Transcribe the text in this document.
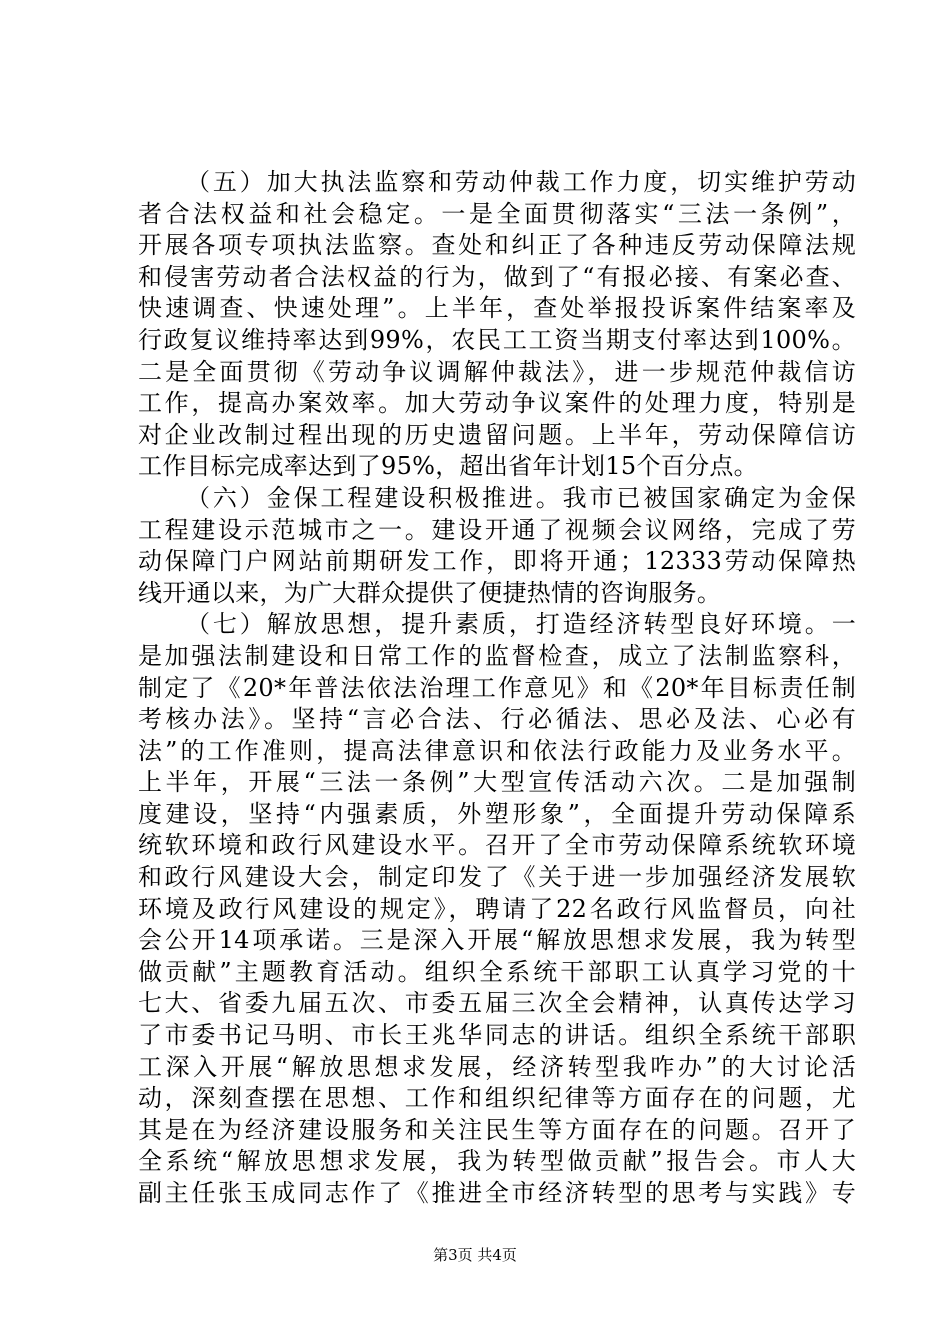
（五）加大执法监察和劳动仲裁工作力度，切实维护劳动
者合法权益和社会稳定。一是全面贯彻落实“三法一条例”，
开展各项专项执法监察。查处和纠正了各种违反劳动保障法规
和侵害劳动者合法权益的行为，做到了“有报必接、有案必查、
快速调查、快速处理”。上半年，查处举报投诉案件结案率及
行政复议维持率达到99%，农民工工资当期支付率达到100%。
二是全面贯彻《劳动争议调解仲裁法》，进一步规范仲裁信访
工作，提高办案效率。加大劳动争议案件的处理力度，特别是
对企业改制过程出现的历史遗留问题。上半年，劳动保障信访
工作目标完成率达到了95%，超出省年计划15个百分点。
（六）金保工程建设积极推进。我市已被国家确定为金保
工程建设示范城市之一。建设开通了视频会议网络，完成了劳
动保障门户网站前期研发工作，即将开通；12333劳动保障热
线开通以来，为广大群众提供了便捷热情的咨询服务。
（七）解放思想，提升素质，打造经济转型良好环境。一
是加强法制建设和日常工作的监督检查，成立了法制监察科，
制定了《20*年普法依法治理工作意见》和《20*年目标责任制
考核办法》。坚持“言必合法、行必循法、思必及法、心必有
法”的工作准则，提高法律意识和依法行政能力及业务水平。
上半年，开展“三法一条例”大型宣传活动六次。二是加强制
度建设，坚持“内强素质，外塑形象”，全面提升劳动保障系
统软环境和政行风建设水平。召开了全市劳动保障系统软环境
和政行风建设大会，制定印发了《关于进一步加强经济发展软
环境及政行风建设的规定》，聘请了22名政行风监督员，向社
会公开14项承诺。三是深入开展“解放思想求发展，我为转型
做贡献”主题教育活动。组织全系统干部职工认真学习党的十
七大、省委九届五次、市委五届三次全会精神，认真传达学习
了市委书记马明、市长王兆华同志的讲话。组织全系统干部职
工深入开展“解放思想求发展，经济转型我咋办”的大讨论活
动，深刻查摆在思想、工作和组织纪律等方面存在的问题，尤
其是在为经济建设服务和关注民生等方面存在的问题。召开了
全系统“解放思想求发展，我为转型做贡献”报告会。市人大
副主任张玉成同志作了《推进全市经济转型的思考与实践》专
第3页 共4页
